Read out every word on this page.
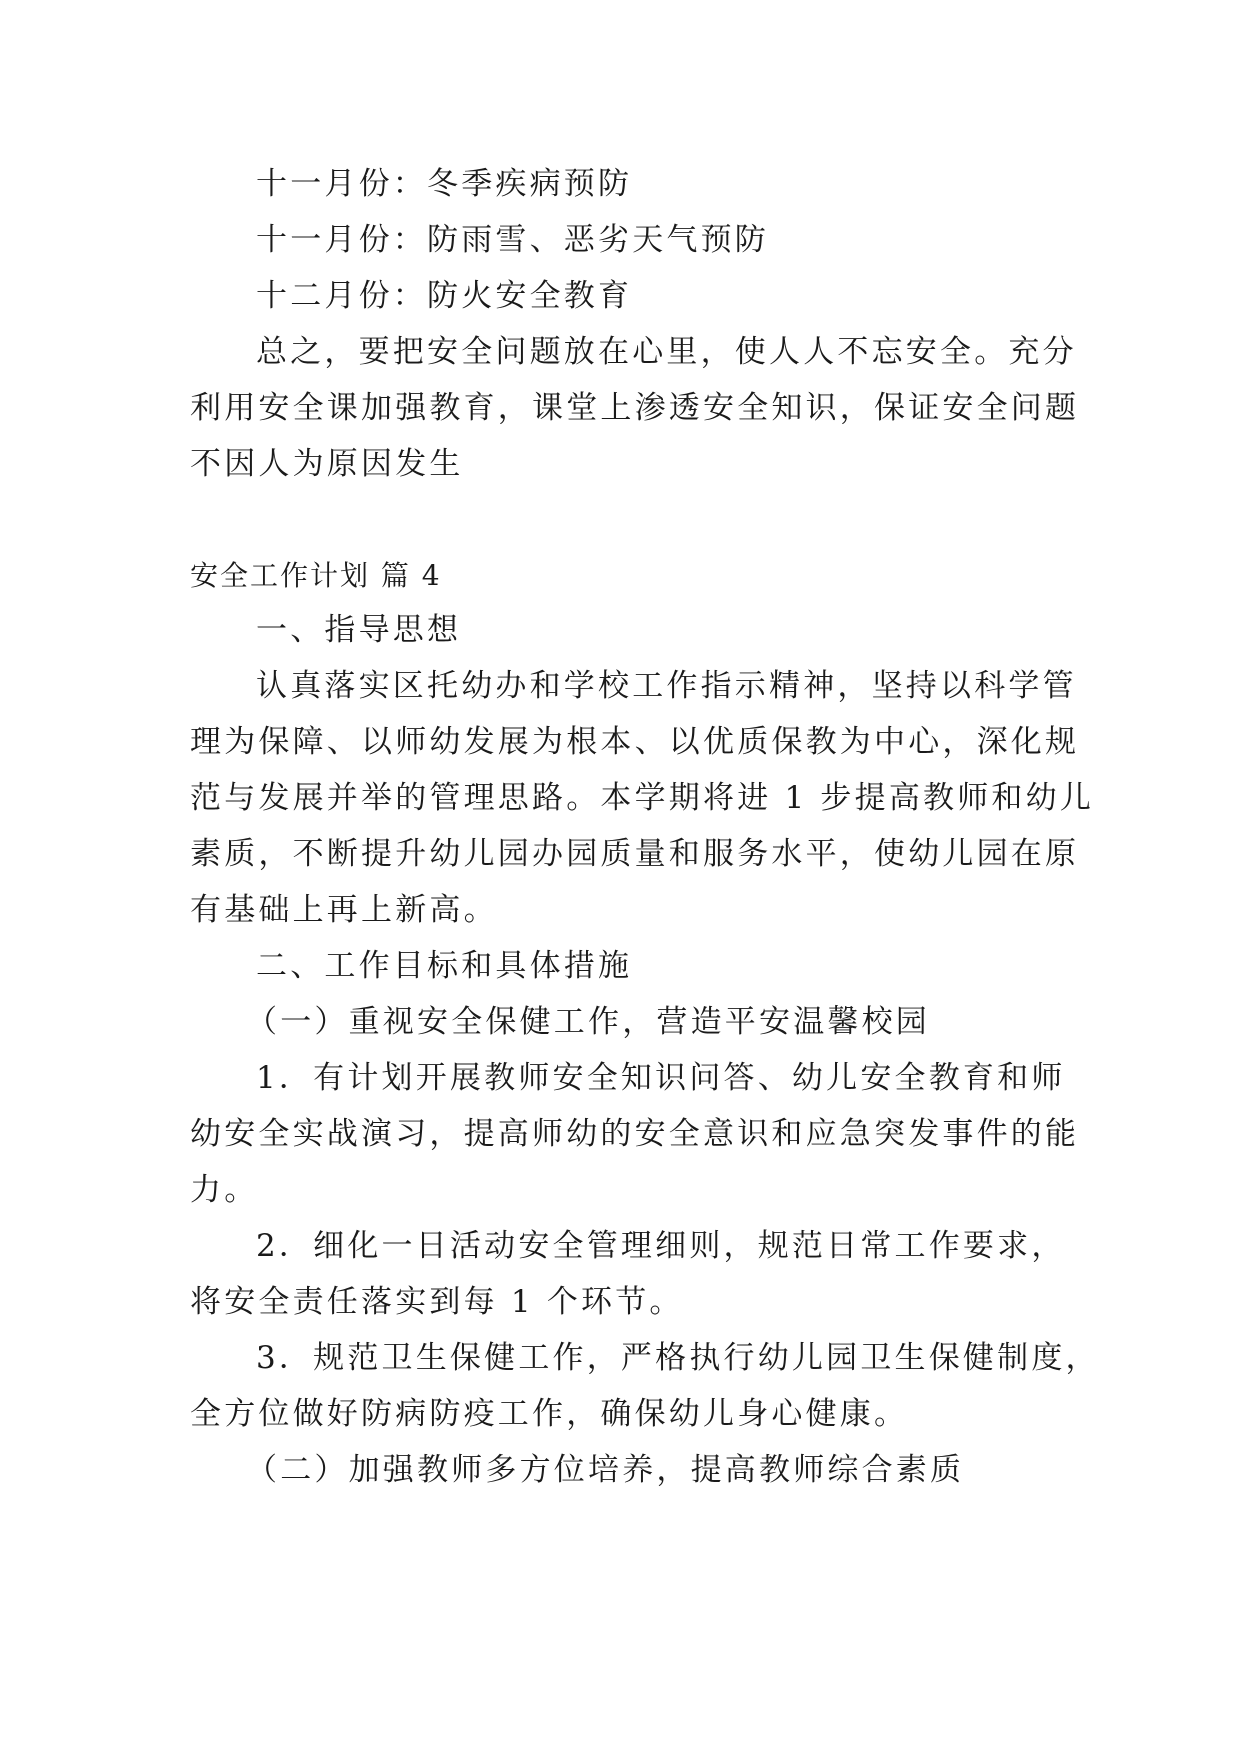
十一月份：冬季疾病预防
十一月份：防雨雪、恶劣天气预防
十二月份：防火安全教育
总之，要把安全问题放在心里，使人人不忘安全。充分
利用安全课加强教育，课堂上渗透安全知识，保证安全问题
不因人为原因发生
安全工作计划 篇 4
一、指导思想
认真落实区托幼办和学校工作指示精神，坚持以科学管
理为保障、以师幼发展为根本、以优质保教为中心，深化规
范与发展并举的管理思路。本学期将进 1 步提高教师和幼儿
素质，不断提升幼儿园办园质量和服务水平，使幼儿园在原
有基础上再上新高。
二、工作目标和具体措施
（一）重视安全保健工作，营造平安温馨校园
1．有计划开展教师安全知识问答、幼儿安全教育和师
幼安全实战演习，提高师幼的安全意识和应急突发事件的能
力。
2．细化一日活动安全管理细则，规范日常工作要求，
将安全责任落实到每 1 个环节。
3．规范卫生保健工作，严格执行幼儿园卫生保健制度，
全方位做好防病防疫工作，确保幼儿身心健康。
（二）加强教师多方位培养，提高教师综合素质
